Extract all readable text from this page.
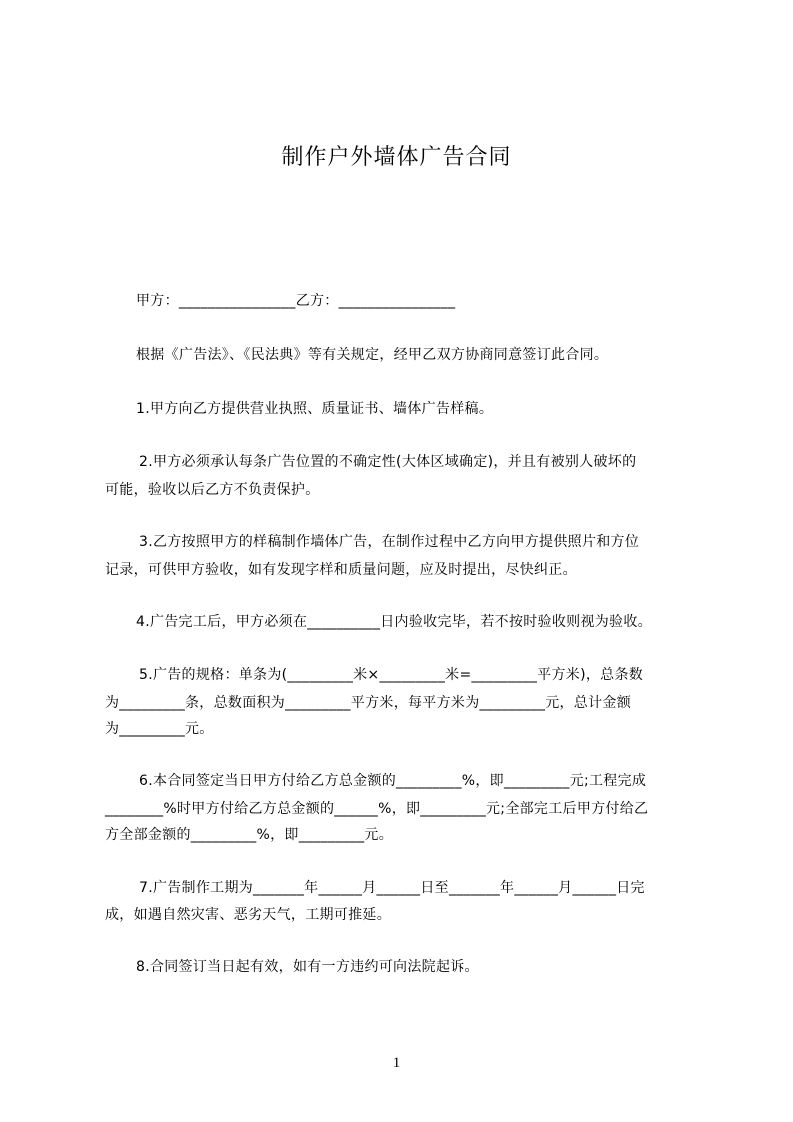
制作户外墙体广告合同
甲方：________________乙方：________________
根据《广告法》、《民法典》等有关规定，经甲乙双方协商同意签订此合同。
1.甲方向乙方提供营业执照、质量证书、墙体广告样稿。
2.甲方必须承认每条广告位置的不确定性(大体区域确定)，并且有被别人破坏的
可能，验收以后乙方不负责保护。
3.乙方按照甲方的样稿制作墙体广告，在制作过程中乙方向甲方提供照片和方位
记录，可供甲方验收，如有发现字样和质量问题，应及时提出，尽快纠正。
4.广告完工后，甲方必须在__________日内验收完毕，若不按时验收则视为验收。
5.广告的规格：单条为(_________米×_________米=_________平方米)，总条数
为_________条，总数面积为_________平方米，每平方米为_________元，总计金额
为_________元。
6.本合同签定当日甲方付给乙方总金额的_________%，即_________元;工程完成
________%时甲方付给乙方总金额的______%，即_________元;全部完工后甲方付给乙
方全部金额的_________%，即_________元。
7.广告制作工期为_______年______月______日至_______年______月______日完
成，如遇自然灾害、恶劣天气，工期可推延。
8.合同签订当日起有效，如有一方违约可向法院起诉。
1
